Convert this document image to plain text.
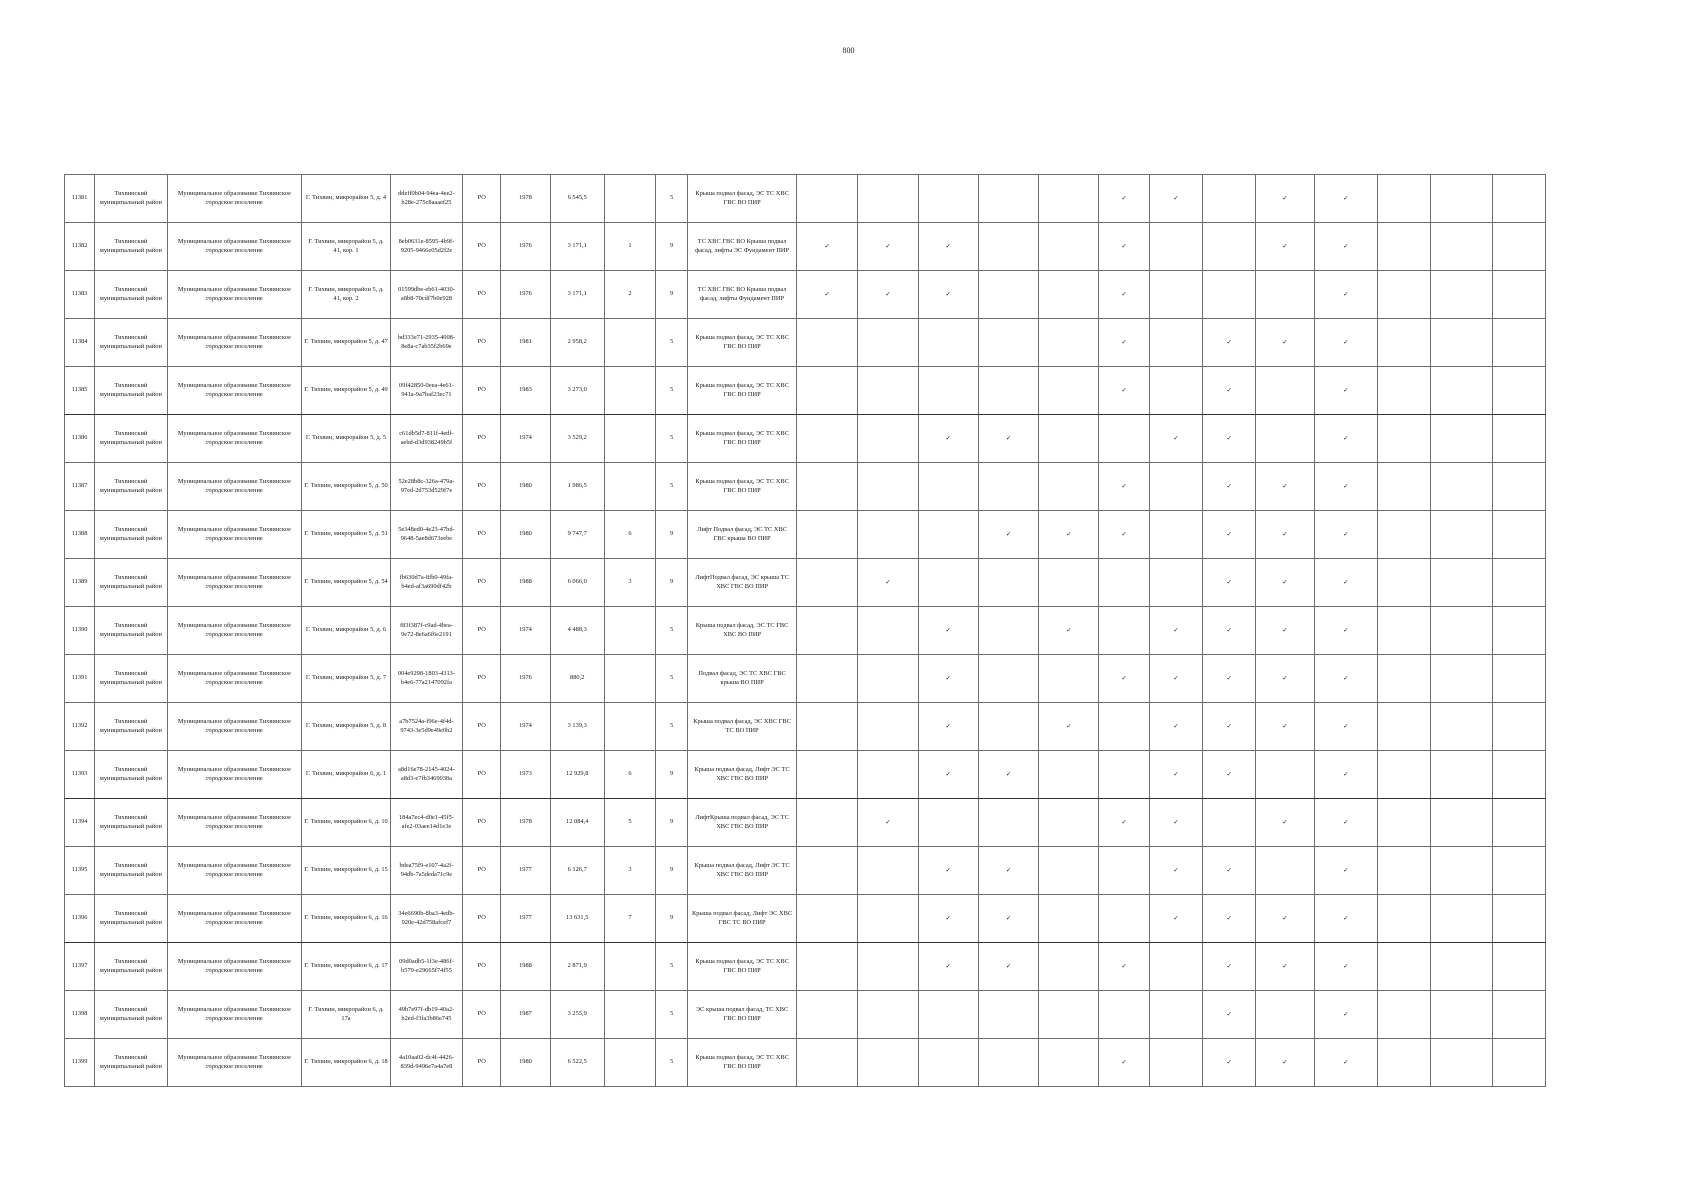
800
11381	Тихвинский муниципальный район	Муниципальное образование Тихвинское городское поселение	Г. Тихвин, микрорайон 5, д. 4	ddeff0b04-94ea-4ee2-b28e-275c8aaaef25	РО	1978	6 545,5		5	Крыша подвал фасад, ЭС ТС ХВС ГВС ВО ПИР						✓	✓		✓	✓			
11382	Тихвинский муниципальный район	Муниципальное образование Тихвинское городское поселение	Г. Тихвин, микрорайон 5, д. 41, кор. 1	8eb0631e-8595-4b9f-9205-9466e05d2f2e	РО	1976	3 171,1	1	9	ТС ХВС ГВС ВО Крыша подвал фасад, лифты ЭС Фундамент ПИР	✓	✓	✓			✓			✓	✓			
11383	Тихвинский муниципальный район	Муниципальное образование Тихвинское городское поселение	Г. Тихвин, микрорайон 5, д. 41, кор. 2	01599dbe-eb61-4030-a8b8-70cdf7b0e928	РО	1976	3 171,1	2	9	ТС ХВС ГВС ВО Крыша подвал фасад, лифты Фундамент ПИР	✓	✓	✓			✓				✓			
11384	Тихвинский муниципальный район	Муниципальное образование Тихвинское городское поселение	Г. Тихвин, микрорайон 5, д. 47	bd333e71-2935-4008-8e8a-c7ab35f2b69e	РО	1981	2 958,2		5	Крыша подвал фасад, ЭС ТС ХВС ГВС ВО ПИР						✓		✓	✓	✓			
11385	Тихвинский муниципальный район	Муниципальное образование Тихвинское городское поселение	Г. Тихвин, микрорайон 5, д. 49	09f42850-0eea-4e61-941a-9a7baf23ec71	РО	1983	3 273,0		5	Крыша подвал фасад, ЭС ТС ХВС ГВС ВО ПИР						✓		✓		✓			
11386	Тихвинский муниципальный район	Муниципальное образование Тихвинское городское поселение	Г. Тихвин, микрорайон 5, д. 5	c61db5d7-811f-4edf-aebd-d3d938249b5f	РО	1974	3 529,2		5	Крыша подвал фасад, ЭС ТС ХВС ГВС ВО ПИР			✓	✓			✓	✓		✓			
11387	Тихвинский муниципальный район	Муниципальное образование Тихвинское городское поселение	Г. Тихвин, микрорайон 5, д. 50	52e28b8c-326a-479a-97ed-2d753d529f7e	РО	1980	1 986,5		5	Крыша подвал фасад, ЭС ТС ХВС ГВС ВО ПИР						✓		✓	✓	✓			
11388	Тихвинский муниципальный район	Муниципальное образование Тихвинское городское поселение	Г. Тихвин, микрорайон 5, д. 51	5e348ed0-4e23-47bd-9648-5ae8d673eebe	РО	1980	9 747,7	6	9	Лифт Подвал фасад, ЭС ТС ХВС ГВС крыша ВО ПИР				✓	✓	✓		✓	✓	✓			
11389	Тихвинский муниципальный район	Муниципальное образование Тихвинское городское поселение	Г. Тихвин, микрорайон 5, д. 54	fb630d7a-8fb0-49fa-b4ed-af3a690df42b	РО	1988	6 066,0	3	9	ЛифтПодвал фасад, ЭС крыша ТС ХВС ГВС ВО ПИР		✓						✓	✓	✓			
11390	Тихвинский муниципальный район	Муниципальное образование Тихвинское городское поселение	Г. Тихвин, микрорайон 5, д. 6	f83f387f-c9ad-4bea-9e72-8e6a6f6e2191	РО	1974	4 488,3		5	Крыша подвал фасад, ЭС ТС ГВС ХВС ВО ПИР			✓		✓		✓	✓	✓	✓			
11391	Тихвинский муниципальный район	Муниципальное образование Тихвинское городское поселение	Г. Тихвин, микрорайон 5, д. 7	004e9298-1803-4313-b4e6-77a2147092fa	РО	1976	880,2		5	Подвал фасад, ЭС ТС ХВС ГВС крыша ВО ПИР			✓			✓	✓	✓	✓	✓			
11392	Тихвинский муниципальный район	Муниципальное образование Тихвинское городское поселение	Г. Тихвин, микрорайон 5, д. 8	a7b7524a-f96e-4f4d-9743-3e5d9e49e0b2	РО	1974	3 139,3		5	Крыша подвал фасад, ЭС ХВС ГВС ТС ВО ПИР			✓		✓		✓	✓	✓	✓			
11393	Тихвинский муниципальный район	Муниципальное образование Тихвинское городское поселение	Г. Тихвин, микрорайон 6, д. 1	a8d16e78-2145-4024-a8d3-e7fb3469038a	РО	1973	12 929,8	6	9	Крыша подвал фасад, Лифт ЭС ТС ХВС ГВС ВО ПИР			✓	✓			✓	✓		✓			
11394	Тихвинский муниципальный район	Муниципальное образование Тихвинское городское поселение	Г. Тихвин, микрорайон 6, д. 10	184a7ec4-d0e1-45f5-afe2-03aee14d1e3e	РО	1978	12 084,4	5	9	ЛифтКрыша подвал фасад, ЭС ТС ХВС ГВС ВО ПИР		✓				✓	✓		✓	✓			
11395	Тихвинский муниципальный район	Муниципальное образование Тихвинское городское поселение	Г. Тихвин, микрорайон 6, д. 15	bdea75f9-e107-4a2f-94db-7a5deda71c9e	РО	1977	6 126,7	3	9	Крыша подвал фасад, Лифт ЭС ТС ХВС ГВС ВО ПИР			✓	✓			✓	✓		✓			
11396	Тихвинский муниципальный район	Муниципальное образование Тихвинское городское поселение	Г. Тихвин, микрорайон 6, д. 16	34e6690b-8ba3-4edb-920e-42d758afcef7	РО	1977	13 631,5	7	9	Крыша подвал фасад, Лифт ЭС ХВС ГВС ТС ВО ПИР			✓	✓			✓	✓	✓	✓			
11397	Тихвинский муниципальный район	Муниципальное образование Тихвинское городское поселение	Г. Тихвин, микрорайон 6, д. 17	09d0adb5-1f3e-486f-b579-e29665f74f55	РО	1988	2 871,9		5	Крыша подвал фасад, ЭС ТС ХВС ГВС ВО ПИР			✓	✓		✓		✓	✓	✓			
11398	Тихвинский муниципальный район	Муниципальное образование Тихвинское городское поселение	Г. Тихвин, микрорайон 6, д. 17а	49b7e97f-db19-40a2-b2ed-f3fa3b86e745	РО	1987	3 255,9		5	ЭС крыша подвал фасад, ТС ХВС ГВС ВО ПИР								✓		✓			
11399	Тихвинский муниципальный район	Муниципальное образование Тихвинское городское поселение	Г. Тихвин, микрорайон 6, д. 18	4a10aa02-dc4f-4426-839d-9496e7a4a7e8	РО	1980	6 522,5		5	Крыша подвал фасад, ЭС ТС ХВС ГВС ВО ПИР						✓		✓	✓	✓			
